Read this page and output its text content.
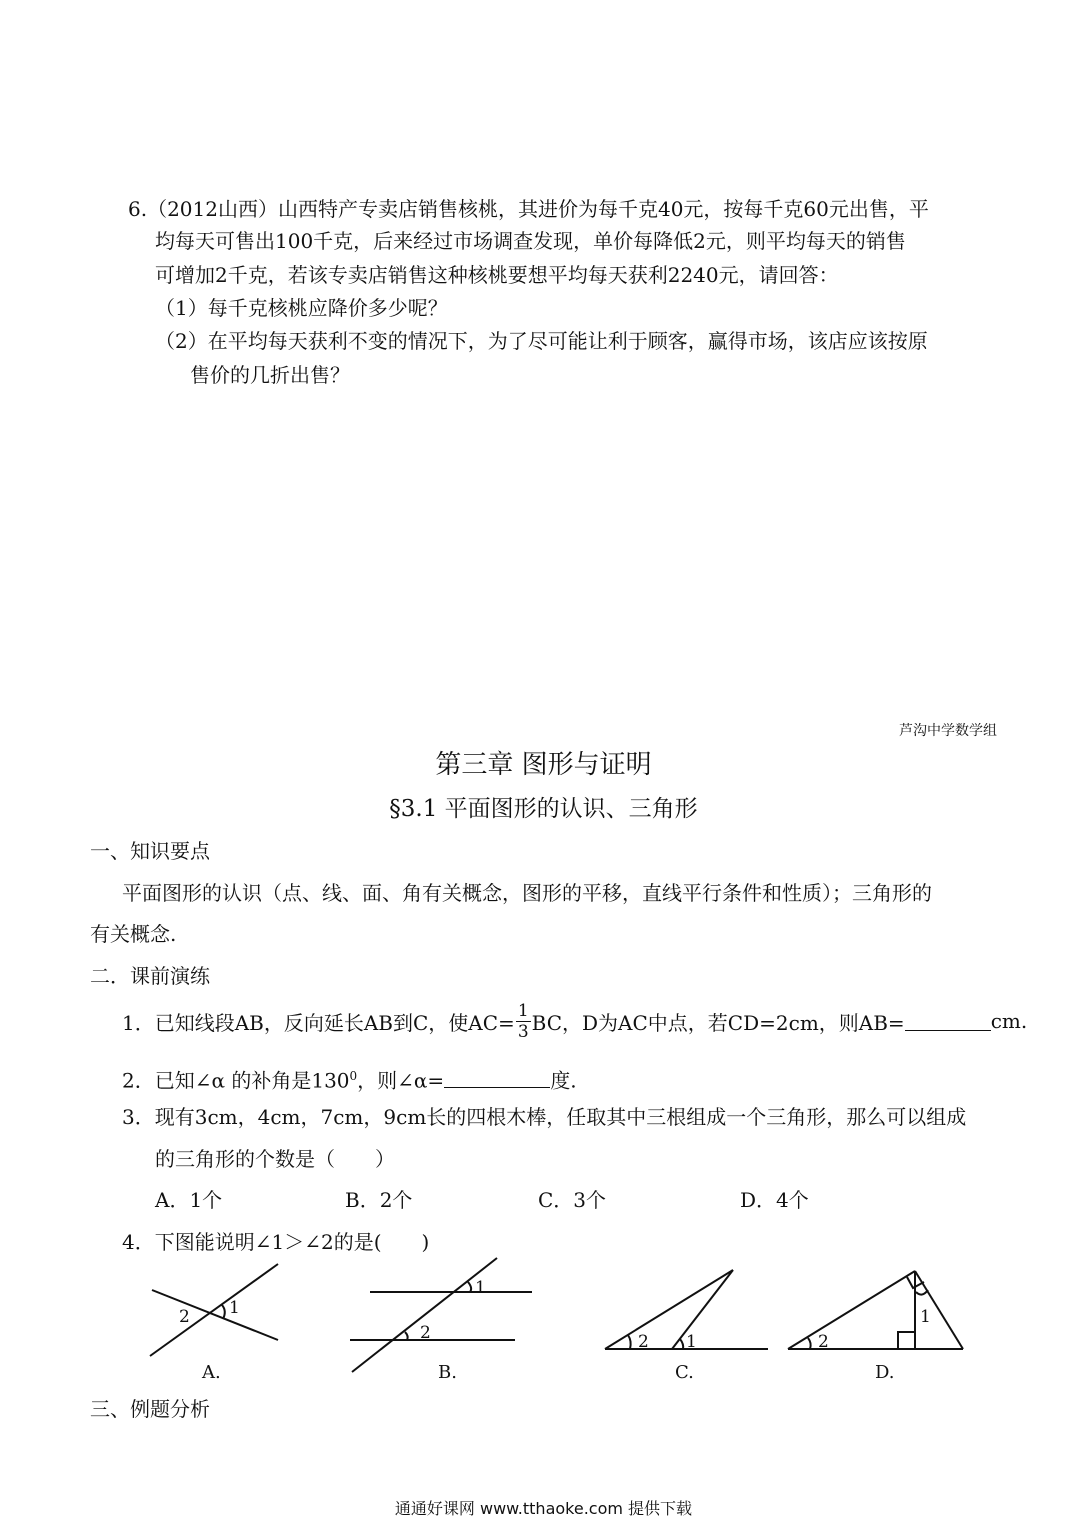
6.（2012山西）山西特产专卖店销售核桃，其进价为每千克40元，按每千克60元出售，平
均每天可售出100千克，后来经过市场调查发现，单价每降低2元，则平均每天的销售
可增加2千克，若该专卖店销售这种核桃要想平均每天获利2240元，请回答：
（1）每千克核桃应降价多少呢？
（2）在平均每天获利不变的情况下，为了尽可能让利于顾客，赢得市场，该店应该按原
售价的几折出售？
芦沟中学数学组
第三章 图形与证明
§3.1 平面图形的认识、三角形
一、知识要点
平面图形的认识（点、线、面、角有关概念，图形的平移，直线平行条件和性质）；三角形的
有关概念.
二．课前演练
1．已知线段AB，反向延长AB到C，使$AC= \frac{1}{3}$ BC，D为AC中点，若CD=2cm，则AB=	cm.
2．已知∠α 的补角是$130^0$，则∠α=	度.
3．现有3cm，4cm，7cm，9cm长的四根木棒，任取其中三根组成一个三角形，那么可以组成
的三角形的个数是（　　）
A．1个	B．2个	C．3个	D．4个
4．下图能说明∠1＞∠2的是(　　)
2 1
1
2	2 1	2
1
A.	B.	C.	D.
三、例题分析
通通好课网 www.tthaoke.com 提供下载
